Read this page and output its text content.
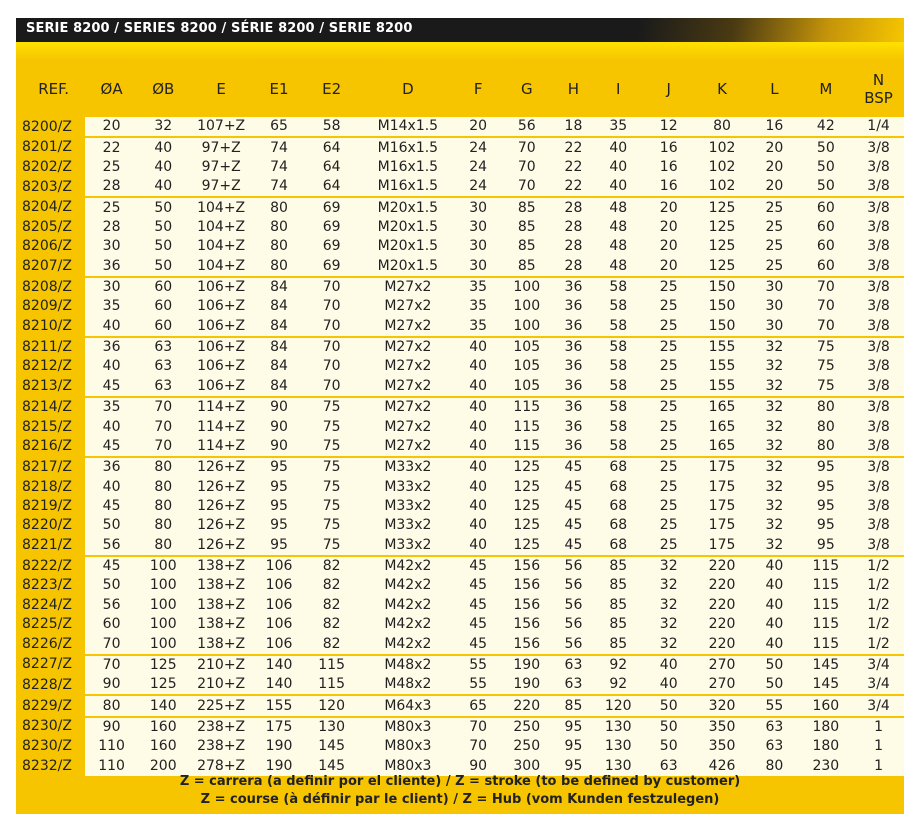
SERIE 8200 / SERIES 8200 / SÉRIE 8200 / SERIE 8200
REF.	ØA	ØB	E	E1	E2	D	F	G	H	I	J	K	L	M	N
BSP
8200/Z	20	32	107+Z	65	58	M14x1.5	20	56	18	35	12	80	16	42	1/4
8201/Z	22	40	97+Z	74	64	M16x1.5	24	70	22	40	16	102	20	50	3/8
8202/Z	25	40	97+Z	74	64	M16x1.5	24	70	22	40	16	102	20	50	3/8
8203/Z	28	40	97+Z	74	64	M16x1.5	24	70	22	40	16	102	20	50	3/8
8204/Z	25	50	104+Z	80	69	M20x1.5	30	85	28	48	20	125	25	60	3/8
8205/Z	28	50	104+Z	80	69	M20x1.5	30	85	28	48	20	125	25	60	3/8
8206/Z	30	50	104+Z	80	69	M20x1.5	30	85	28	48	20	125	25	60	3/8
8207/Z	36	50	104+Z	80	69	M20x1.5	30	85	28	48	20	125	25	60	3/8
8208/Z	30	60	106+Z	84	70	M27x2	35	100	36	58	25	150	30	70	3/8
8209/Z	35	60	106+Z	84	70	M27x2	35	100	36	58	25	150	30	70	3/8
8210/Z	40	60	106+Z	84	70	M27x2	35	100	36	58	25	150	30	70	3/8
8211/Z	36	63	106+Z	84	70	M27x2	40	105	36	58	25	155	32	75	3/8
8212/Z	40	63	106+Z	84	70	M27x2	40	105	36	58	25	155	32	75	3/8
8213/Z	45	63	106+Z	84	70	M27x2	40	105	36	58	25	155	32	75	3/8
8214/Z	35	70	114+Z	90	75	M27x2	40	115	36	58	25	165	32	80	3/8
8215/Z	40	70	114+Z	90	75	M27x2	40	115	36	58	25	165	32	80	3/8
8216/Z	45	70	114+Z	90	75	M27x2	40	115	36	58	25	165	32	80	3/8
8217/Z	36	80	126+Z	95	75	M33x2	40	125	45	68	25	175	32	95	3/8
8218/Z	40	80	126+Z	95	75	M33x2	40	125	45	68	25	175	32	95	3/8
8219/Z	45	80	126+Z	95	75	M33x2	40	125	45	68	25	175	32	95	3/8
8220/Z	50	80	126+Z	95	75	M33x2	40	125	45	68	25	175	32	95	3/8
8221/Z	56	80	126+Z	95	75	M33x2	40	125	45	68	25	175	32	95	3/8
8222/Z	45	100	138+Z	106	82	M42x2	45	156	56	85	32	220	40	115	1/2
8223/Z	50	100	138+Z	106	82	M42x2	45	156	56	85	32	220	40	115	1/2
8224/Z	56	100	138+Z	106	82	M42x2	45	156	56	85	32	220	40	115	1/2
8225/Z	60	100	138+Z	106	82	M42x2	45	156	56	85	32	220	40	115	1/2
8226/Z	70	100	138+Z	106	82	M42x2	45	156	56	85	32	220	40	115	1/2
8227/Z	70	125	210+Z	140	115	M48x2	55	190	63	92	40	270	50	145	3/4
8228/Z	90	125	210+Z	140	115	M48x2	55	190	63	92	40	270	50	145	3/4
8229/Z	80	140	225+Z	155	120	M64x3	65	220	85	120	50	320	55	160	3/4
8230/Z	90	160	238+Z	175	130	M80x3	70	250	95	130	50	350	63	180	1
8230/Z	110	160	238+Z	190	145	M80x3	70	250	95	130	50	350	63	180	1
8232/Z	110	200	278+Z	190	145	M80x3	90	300	95	130	63	426	80	230	1
Z = carrera (a definir por el cliente) / Z = stroke (to be defined by customer)
Z = course (à définir par le client) / Z = Hub (vom Kunden festzulegen)
